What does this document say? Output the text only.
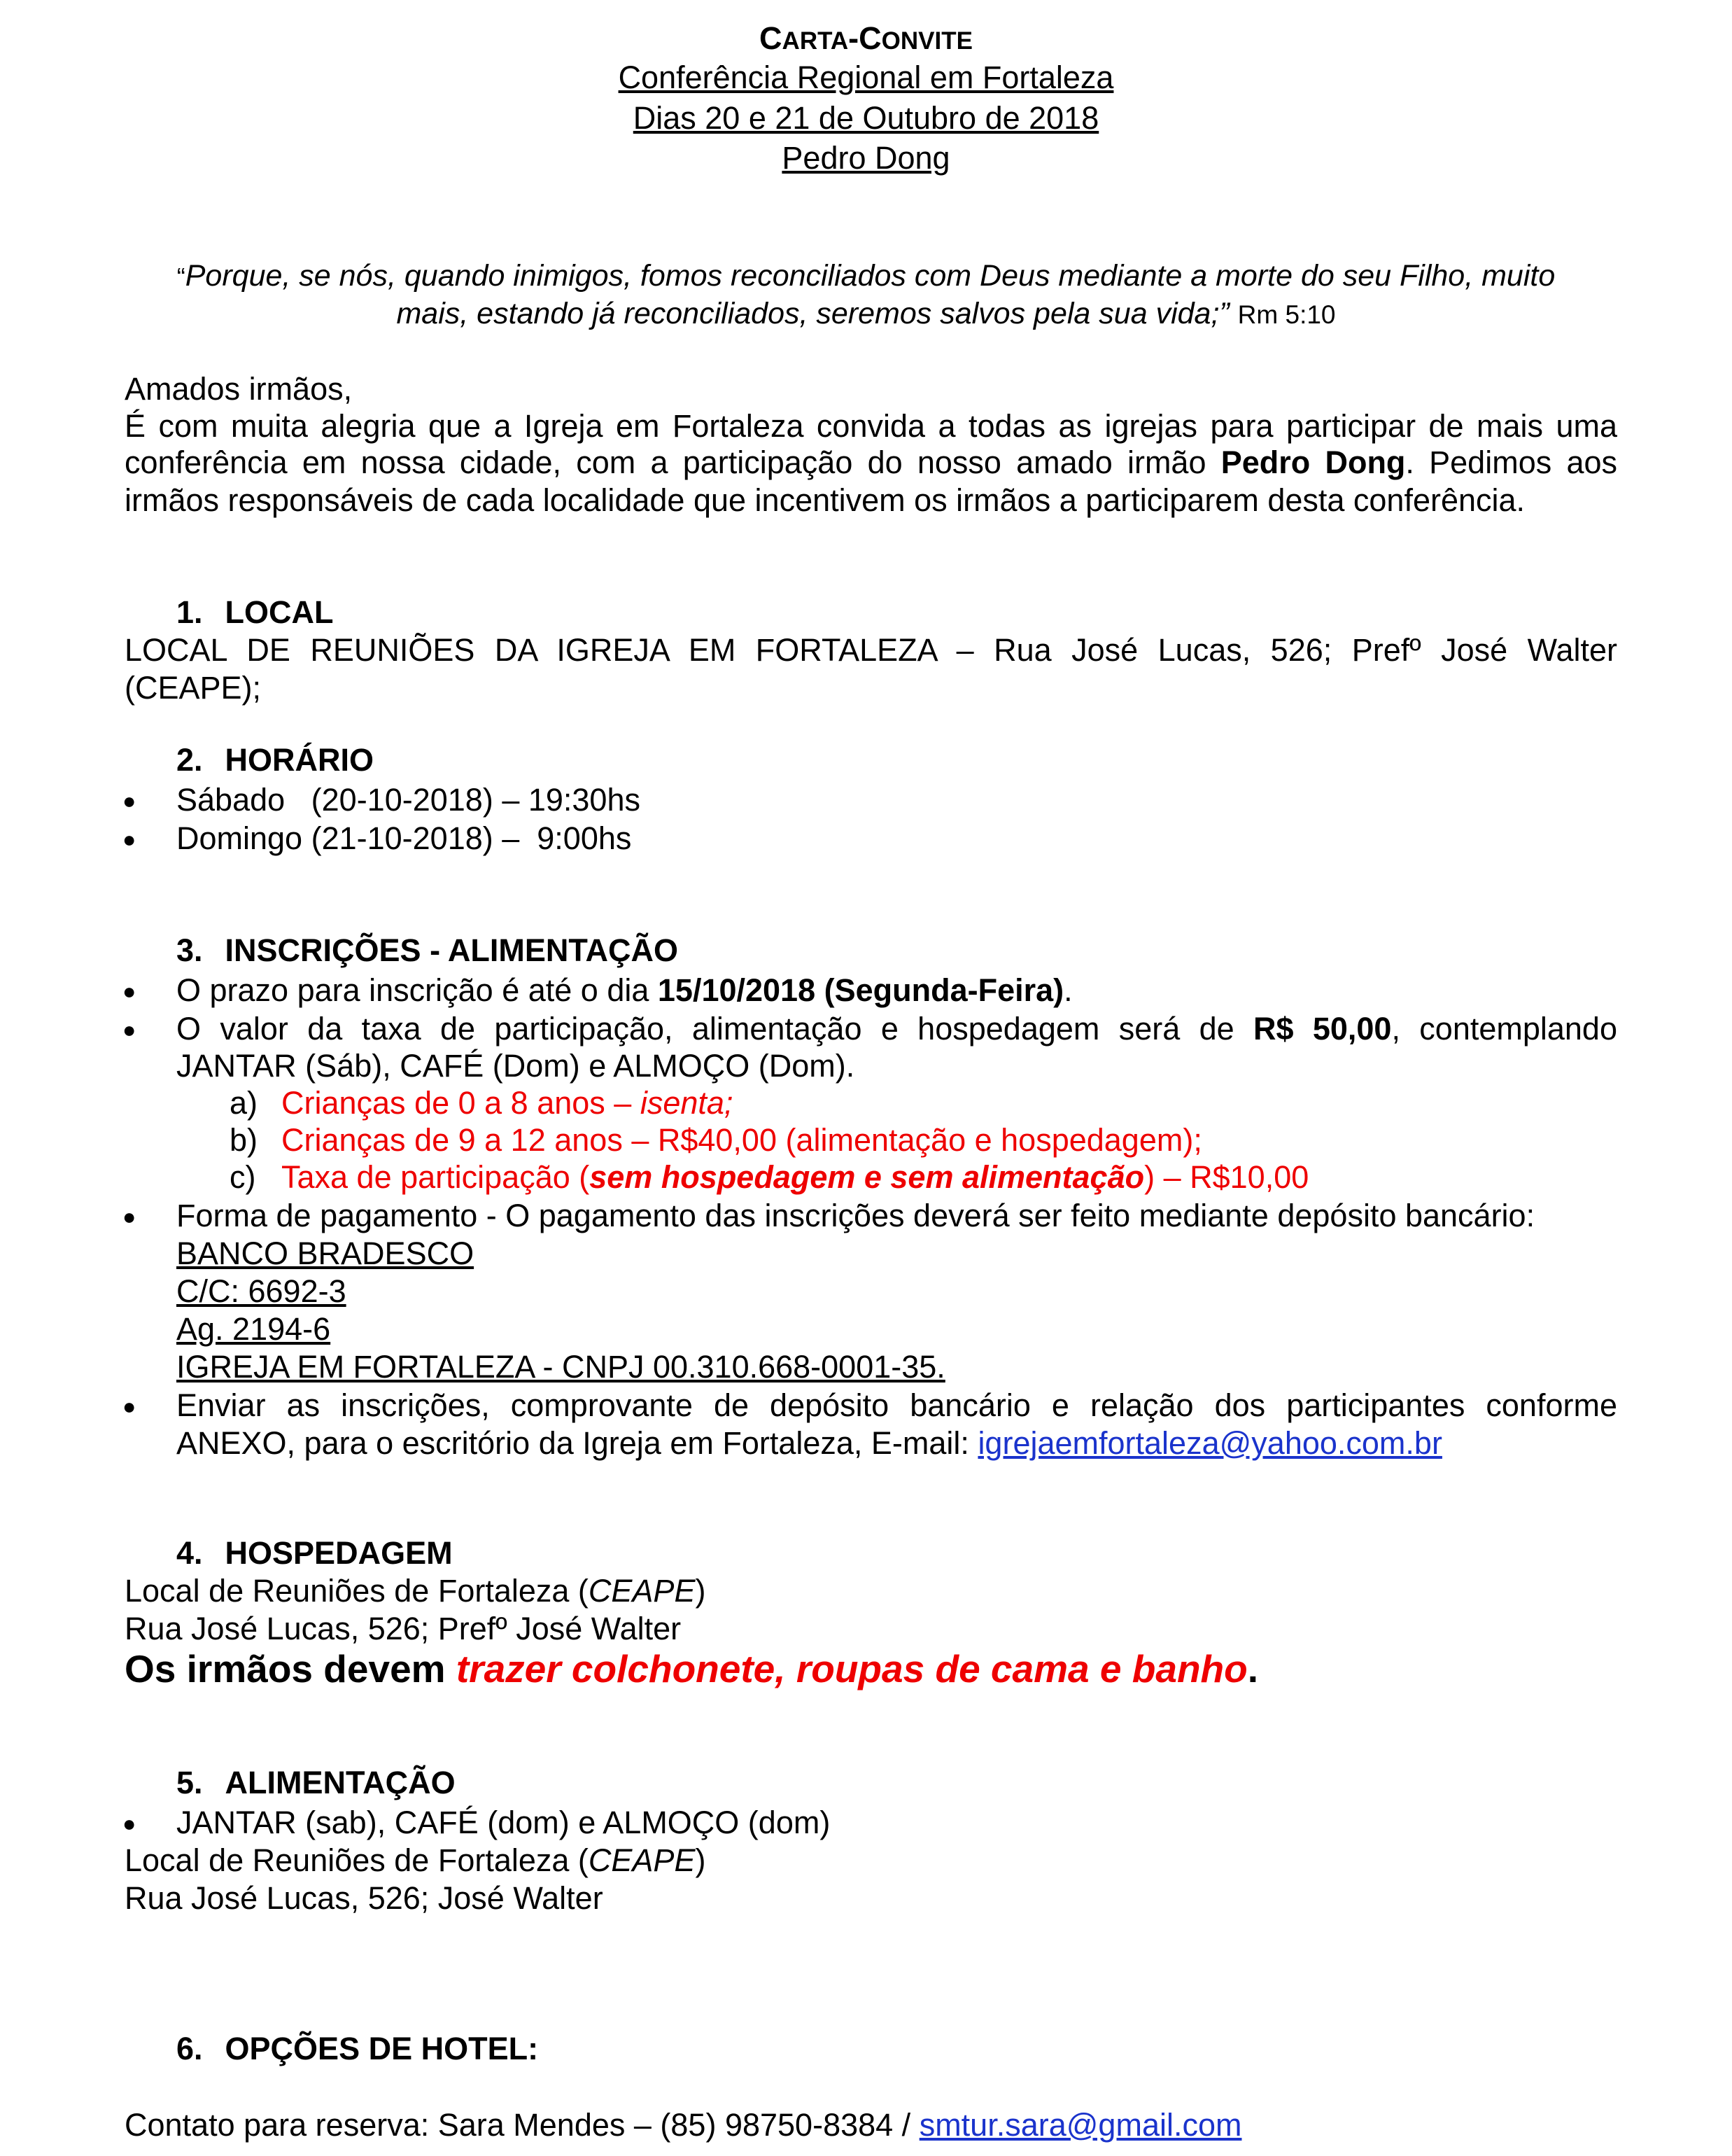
CARTA-CONVITE
Conferência Regional em Fortaleza
Dias 20 e 21 de Outubro de 2018
Pedro Dong
“Porque, se nós, quando inimigos, fomos reconciliados com Deus mediante a morte do seu Filho, muito
mais, estando já reconciliados, seremos salvos pela sua vida;” Rm 5:10
Amados irmãos,
É com muita alegria que a Igreja em Fortaleza convida a todas as igrejas para participar de mais uma
conferência em nossa cidade, com a participação do nosso amado irmão Pedro Dong. Pedimos aos
irmãos responsáveis de cada localidade que incentivem os irmãos a participarem desta conferência.
1. LOCAL
LOCAL DE REUNIÕES DA IGREJA EM FORTALEZA – Rua José Lucas, 526; Prefº José Walter
(CEAPE);
2. HORÁRIO
● Sábado   (20-10-2018) – 19:30hs
● Domingo (21-10-2018) –  9:00hs
3. INSCRIÇÕES - ALIMENTAÇÃO
● O prazo para inscrição é até o dia 15/10/2018 (Segunda-Feira).
● O valor da taxa de participação, alimentação e hospedagem será de R$ 50,00, contemplando
JANTAR (Sáb), CAFÉ (Dom) e ALMOÇO (Dom).
a) Crianças de 0 a 8 anos – isenta;
b) Crianças de 9 a 12 anos – R$40,00 (alimentação e hospedagem);
c) Taxa de participação (sem hospedagem e sem alimentação) – R$10,00
● Forma de pagamento - O pagamento das inscrições deverá ser feito mediante depósito bancário:
BANCO BRADESCO
C/C: 6692-3
Ag. 2194-6
IGREJA EM FORTALEZA - CNPJ 00.310.668-0001-35.
● Enviar as inscrições, comprovante de depósito bancário e relação dos participantes conforme
ANEXO, para o escritório da Igreja em Fortaleza, E-mail: igrejaemfortaleza@yahoo.com.br
4. HOSPEDAGEM
Local de Reuniões de Fortaleza (CEAPE)
Rua José Lucas, 526; Prefº José Walter
Os irmãos devem trazer colchonete, roupas de cama e banho.
5. ALIMENTAÇÃO
● JANTAR (sab), CAFÉ (dom) e ALMOÇO (dom)
Local de Reuniões de Fortaleza (CEAPE)
Rua José Lucas, 526; José Walter
6. OPÇÕES DE HOTEL:
Contato para reserva: Sara Mendes – (85) 98750-8384 / smtur.sara@gmail.com
